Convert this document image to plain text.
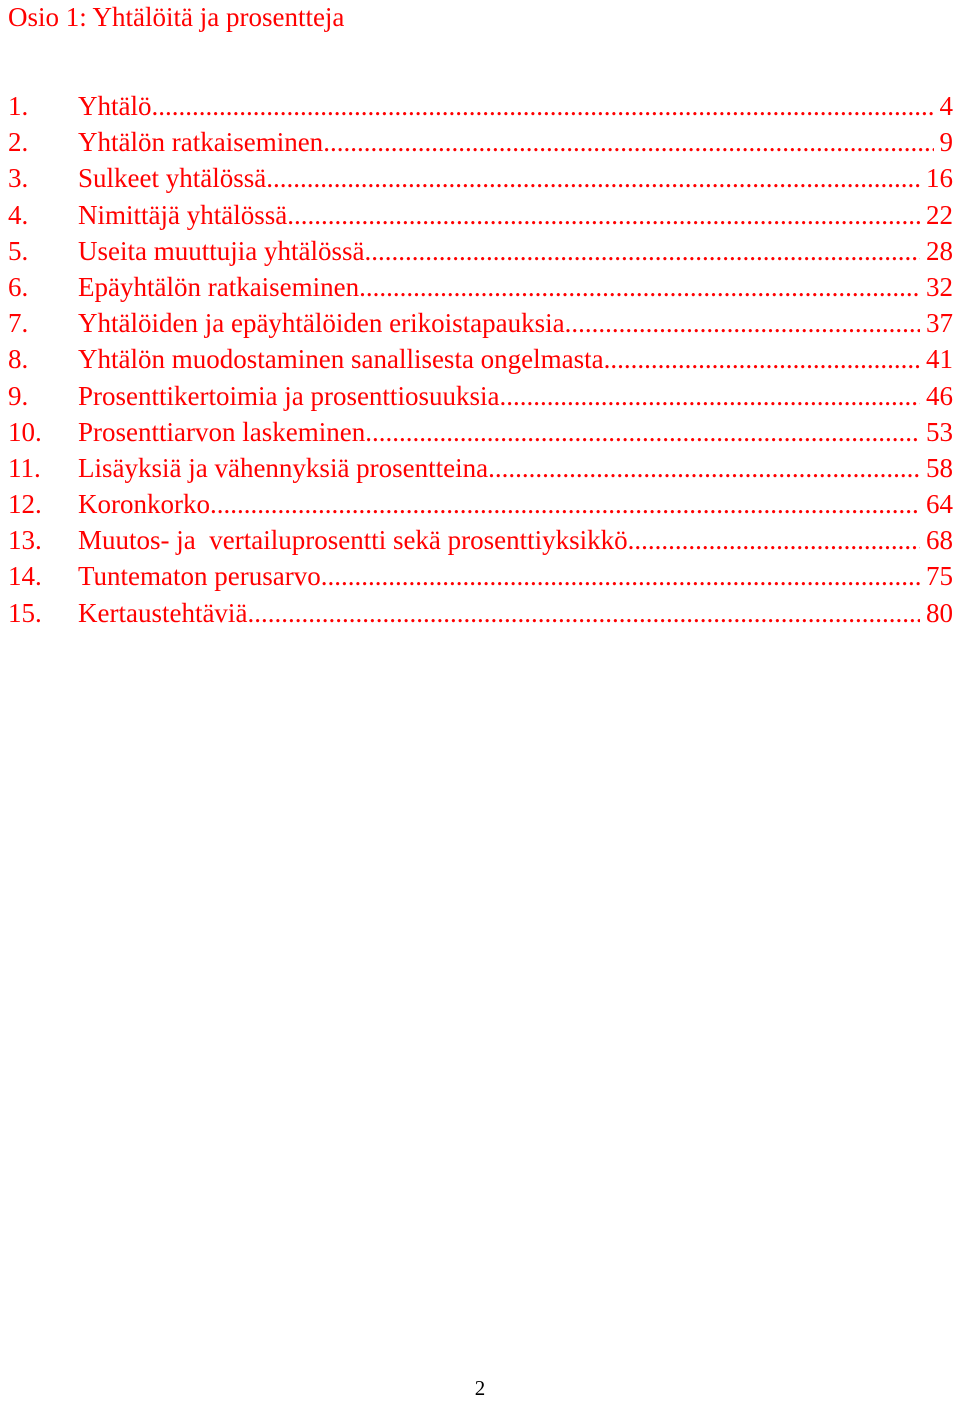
Osio 1: Yhtälöitä ja prosentteja
1.	Yhtälö .....	4
2.	Yhtälön ratkaiseminen .....	9
3.	Sulkeet yhtälössä .....	16
4.	Nimittäjä yhtälössä .....	22
5.	Useita muuttujia yhtälössä .....	28
6.	Epäyhtälön ratkaiseminen .....	32
7.	Yhtälöiden ja epäyhtälöiden erikoistapauksia .....	37
8.	Yhtälön muodostaminen sanallisesta ongelmasta .....	41
9.	Prosenttikertoimia ja prosenttiosuuksia .....	46
10.	Prosenttiarvon laskeminen .....	53
11.	Lisäyksiä ja vähennyksiä prosentteina .....	58
12.	Koronkorko .....	64
13.	Muutos- ja  vertailuprosentti sekä prosenttiyksikkö .....	68
14.	Tuntematon perusarvo .....	75
15.	Kertaustehtäviä .....	80
2
